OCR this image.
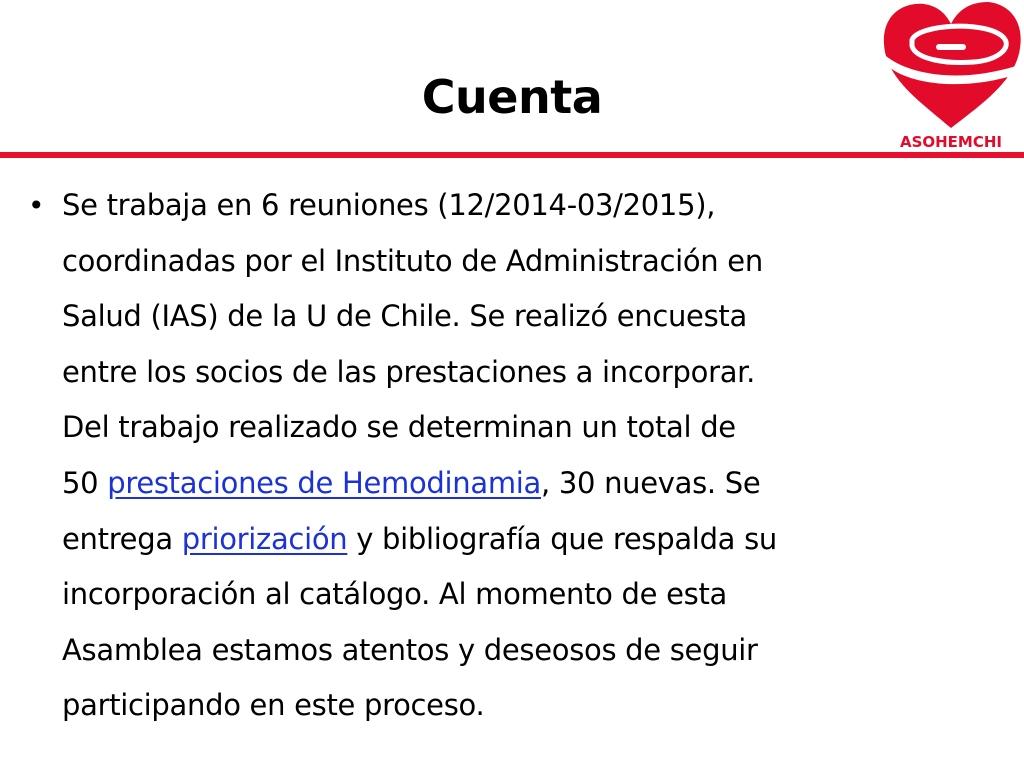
Cuenta
ASOHEMCHI
• Se trabaja en 6 reuniones (12/2014-03/2015),
coordinadas por el Instituto de Administración en
Salud (IAS) de la U de Chile. Se realizó encuesta
entre los socios de las prestaciones a incorporar.
Del trabajo realizado se determinan un total de
50 prestaciones de Hemodinamia, 30 nuevas. Se
entrega priorización y bibliografía que respalda su
incorporación al catálogo. Al momento de esta
Asamblea estamos atentos y deseosos de seguir
participando en este proceso.
